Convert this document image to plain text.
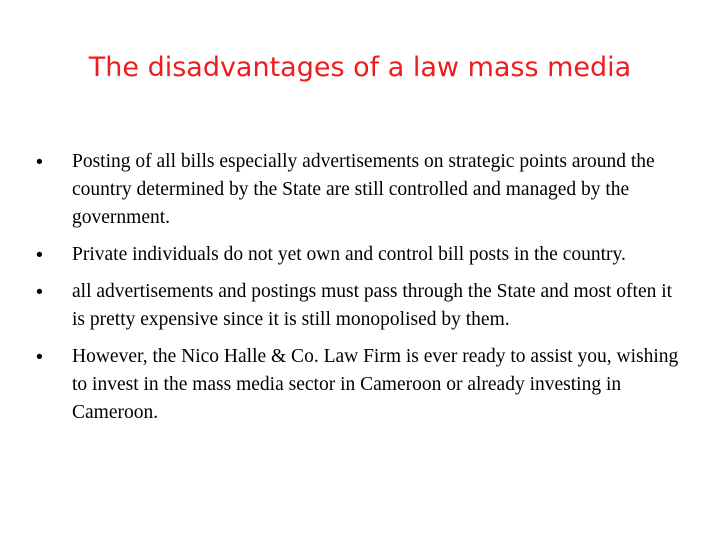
The disadvantages of a law mass media
• Posting of all bills especially advertisements on strategic points around the country determined by the State are still controlled and managed by the government.
• Private individuals do not yet own and control bill posts in the country.
• all advertisements and postings must pass through the State and most often it is pretty expensive since it is still monopolised by them.
• However, the Nico Halle & Co. Law Firm is ever ready to assist you, wishing to invest in the mass media sector in Cameroon or already investing in Cameroon.
